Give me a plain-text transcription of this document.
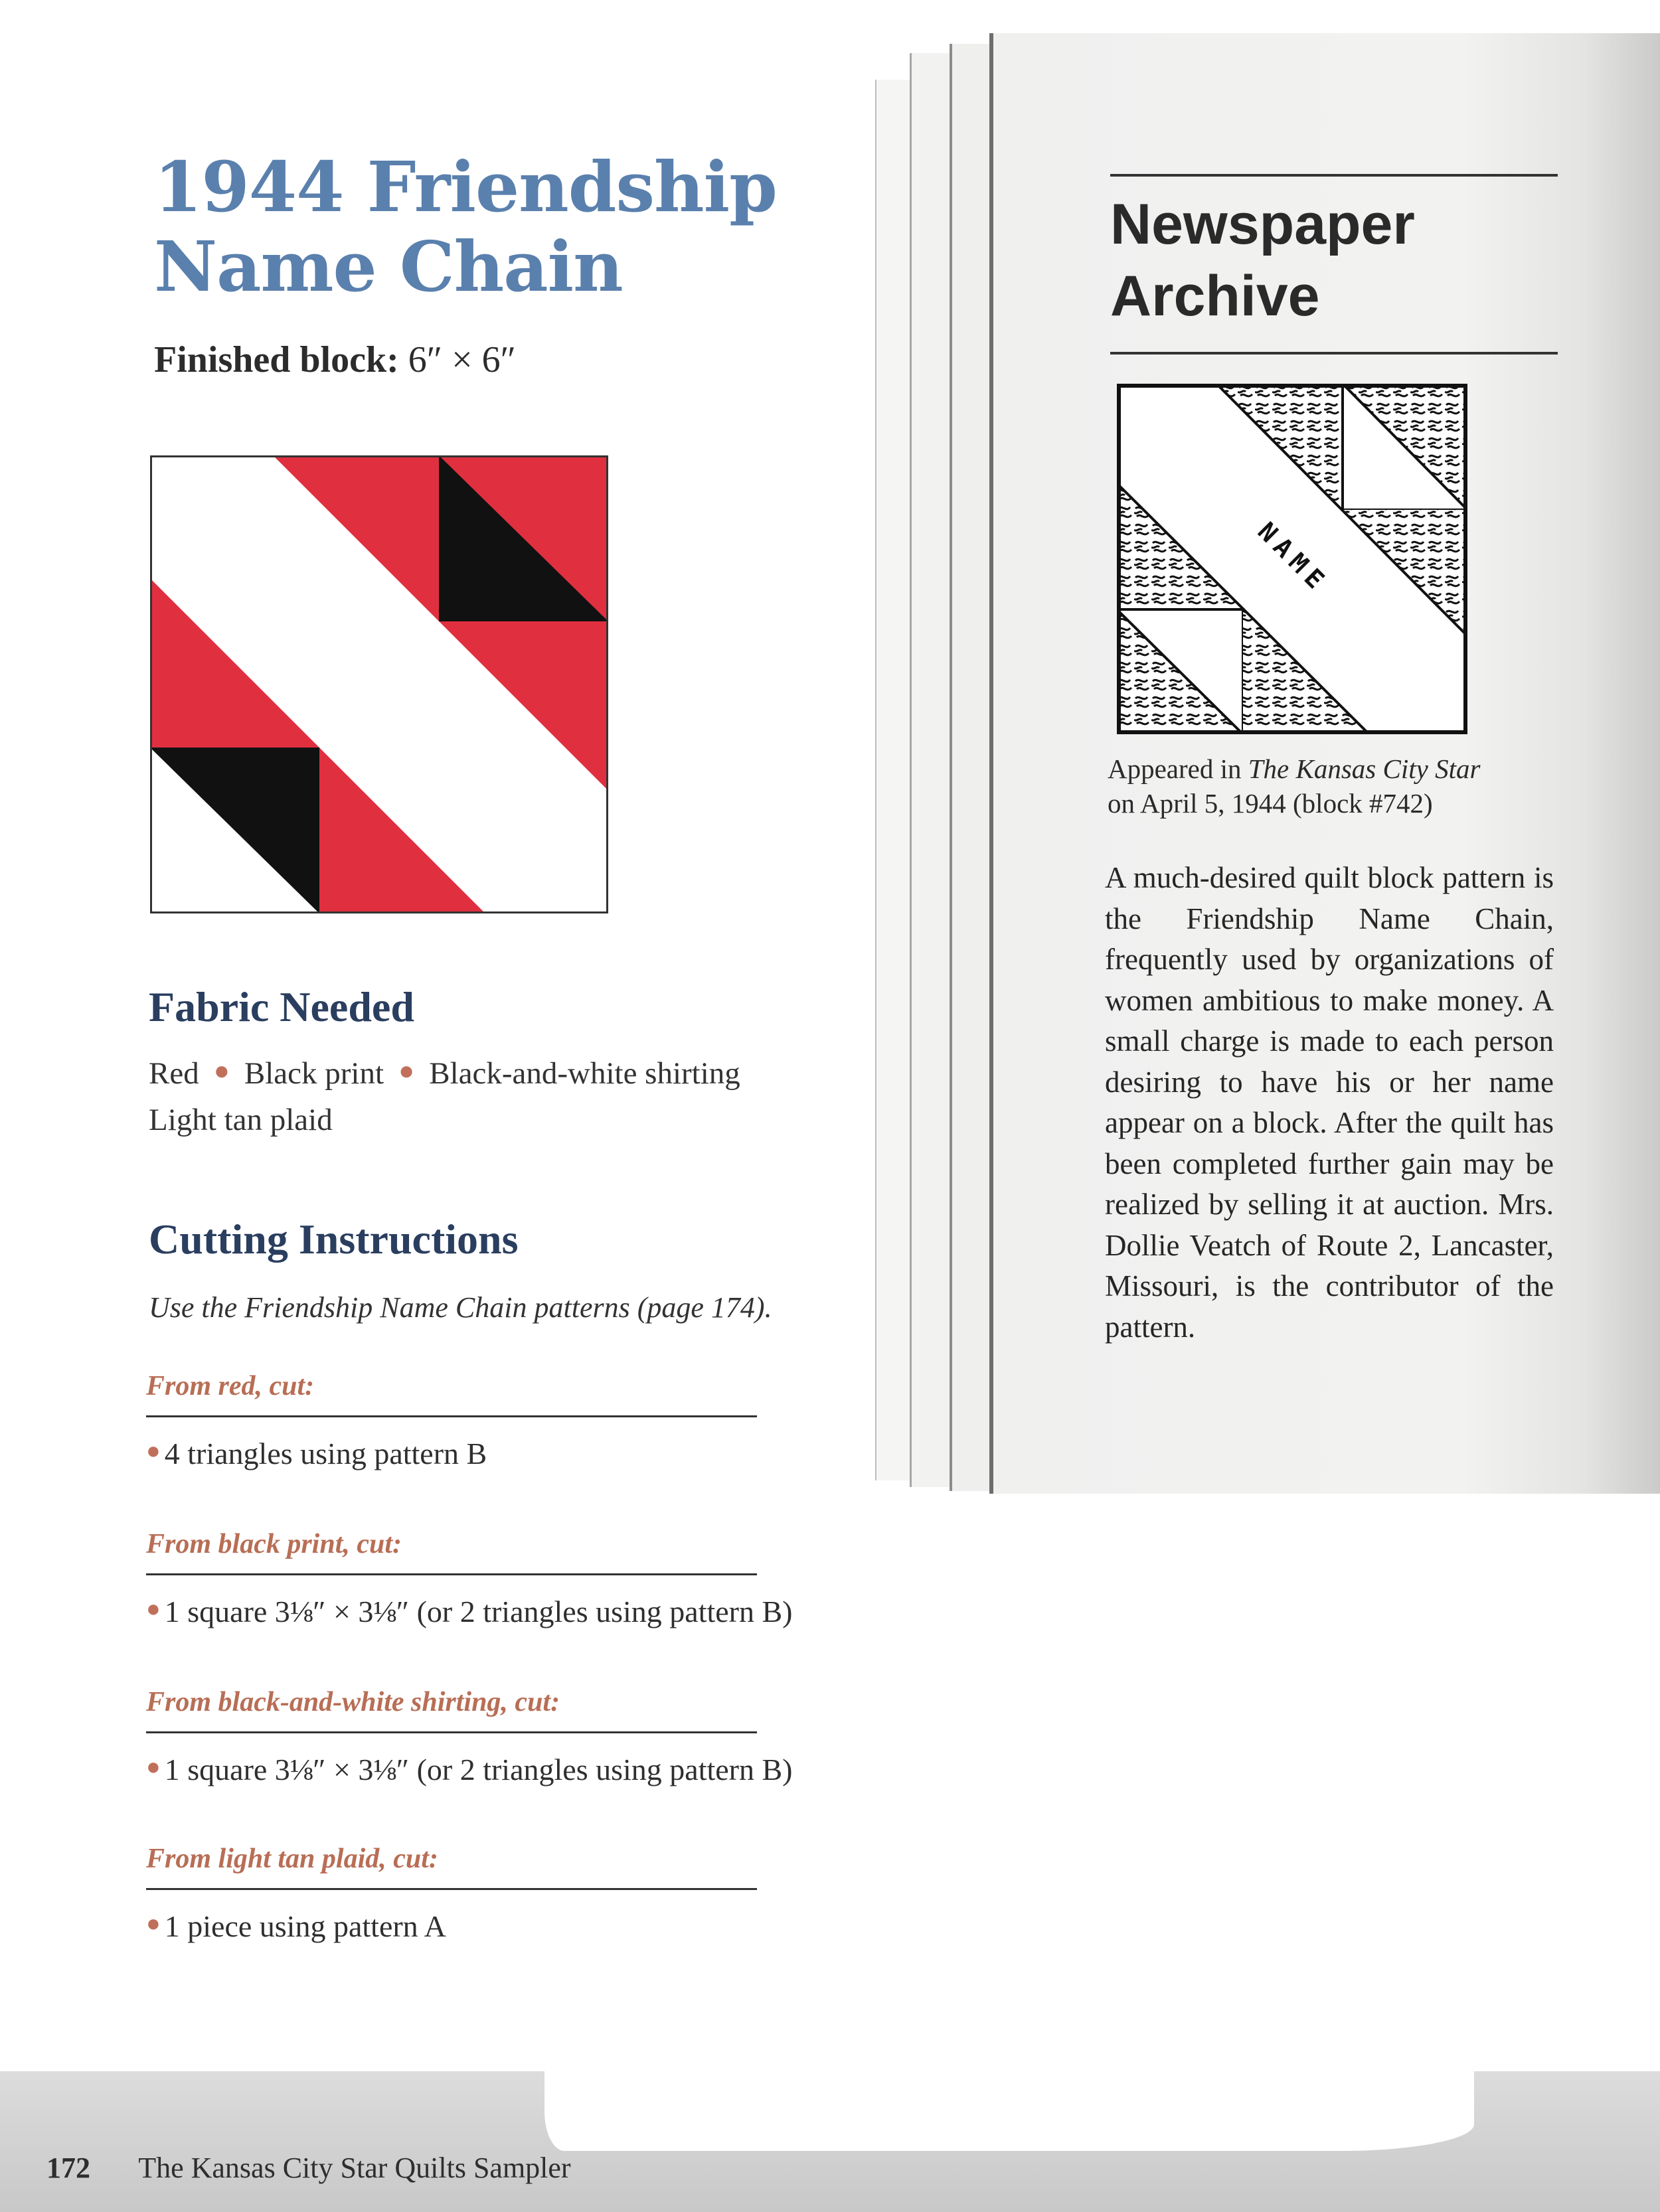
1944 Friendship
Name Chain
Finished block: 6″ × 6″
Fabric Needed
Red ● Black print ● Black-and-white shirting
Light tan plaid
Cutting Instructions
Use the Friendship Name Chain patterns (page 174).
From red, cut:
● 4 triangles using pattern B
From black print, cut:
● 1 square 3⅛″ × 3⅛″ (or 2 triangles using pattern B)
From black-and-white shirting, cut:
● 1 square 3⅛″ × 3⅛″ (or 2 triangles using pattern B)
From light tan plaid, cut:
● 1 piece using pattern A
Newspaper
Archive
NAME
Appeared in The Kansas City Star
on April 5, 1944 (block #742)

A much-desired quilt block pattern is the Friendship Name Chain, frequently used by organizations of women ambitious to make money. A small charge is made to each person desiring to have his or her name appear on a block. After the quilt has been completed further gain may be realized by selling it at auction. Mrs. Dollie Veatch of Route 2, Lancaster, Missouri, is the contributor of the pattern.

172 The Kansas City Star Quilts Sampler
